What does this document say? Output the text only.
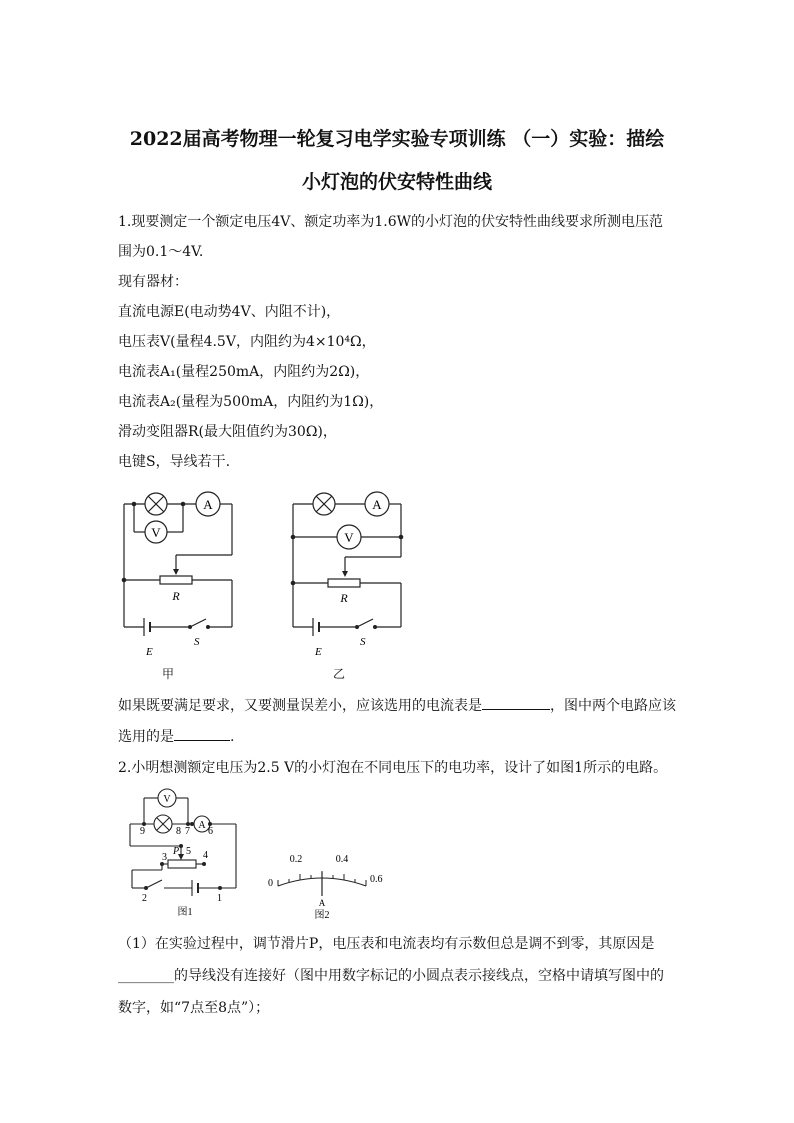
2022届高考物理一轮复习电学实验专项训练 （一）实验：描绘
小灯泡的伏安特性曲线
1.现要测定一个额定电压4V、额定功率为1.6W的小灯泡的伏安特性曲线要求所测电压范
围为0.1～4V.
现有器材：
直流电源E(电动势4V、内阻不计)，
电压表V(量程4.5V，内阻约为4×10⁴Ω，
电流表A₁(量程250mA，内阻约为2Ω)，
电流表A₂(量程为500mA，内阻约为1Ω)，
滑动变阻器R(最大阻值约为30Ω)，
电键S，导线若干.
A
V
R
S
E
甲
A
V
R
S
E
乙
如果既要满足要求，又要测量误差小，应该选用的电流表是	，图中两个电路应该
选用的是	.
2.小明想测额定电压为2.5 V的小灯泡在不同电压下的电功率，设计了如图1所示的电路。
V
A
9	8 7 6
3
5 4
2	1
P
图1
0
0.2	0.4
0.6
A
图2
（1）在实验过程中，调节滑片P，电压表和电流表均有示数但总是调不到零，其原因是
________的导线没有连接好（图中用数字标记的小圆点表示接线点，空格中请填写图中的
数字，如“7点至8点”）；
